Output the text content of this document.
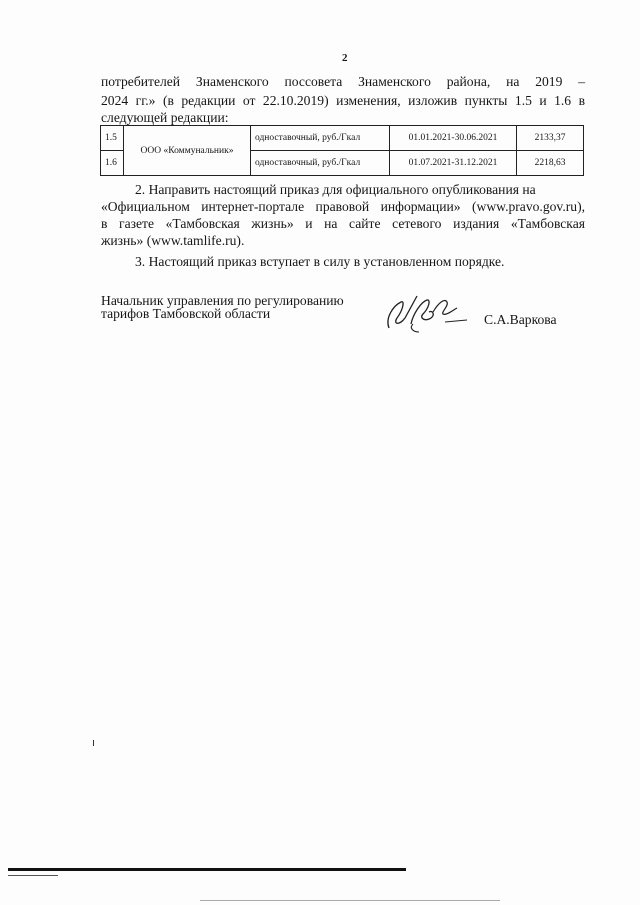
2
потребителей Знаменского поссовета Знаменского района, на 2019 –
2024 гг.» (в редакции от 22.10.2019) изменения, изложив пункты 1.5 и 1.6 в
следующей редакции:
1.5	ООО «Коммунальник»	одноставочный, руб./Гкал	01.01.2021-30.06.2021	2133,37
1.6		одноставочный, руб./Гкал	01.07.2021-31.12.2021	2218,63
2. Направить настоящий приказ для официального опубликования на
«Официальном интернет-портале правовой информации» (www.pravo.gov.ru),
в газете «Тамбовская жизнь» и на сайте сетевого издания «Тамбовская
жизнь» (www.tamlife.ru).
3. Настоящий приказ вступает в силу в установленном порядке.
Начальник управления по регулированию
тарифов Тамбовской области	С.А.Варкова
